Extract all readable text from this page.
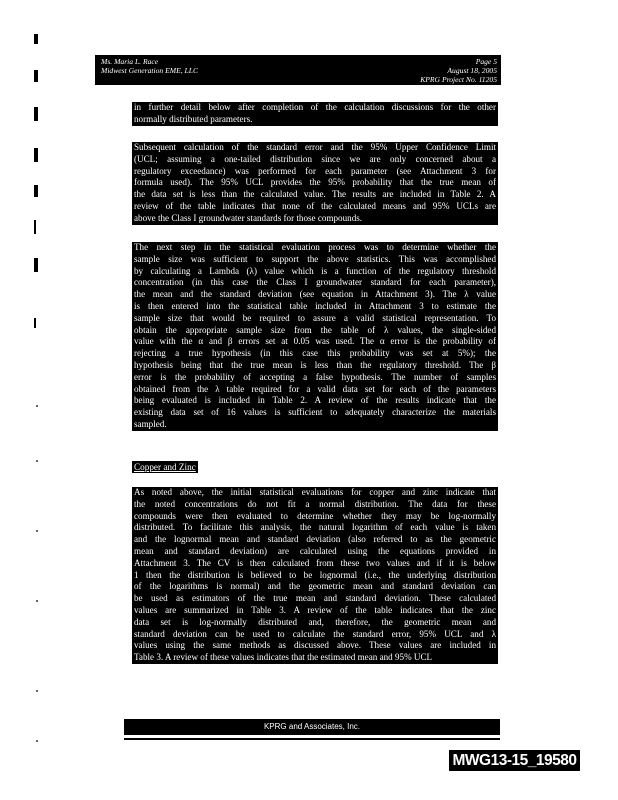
Ms. Maria L. Race
Midwest Generation EME, LLC
Page 5
August 18, 2005
KPRG Project No. 11205
in further detail below after completion of the calculation discussions for the other
normally distributed parameters.
Subsequent calculation of the standard error and the 95% Upper Confidence Limit
(UCL; assuming a one-tailed distribution since we are only concerned about a
regulatory exceedance) was performed for each parameter (see Attachment 3 for
formula used). The 95% UCL provides the 95% probability that the true mean of
the data set is less than the calculated value. The results are included in Table 2. A
review of the table indicates that none of the calculated means and 95% UCLs are
above the Class I groundwater standards for those compounds.
The next step in the statistical evaluation process was to determine whether the
sample size was sufficient to support the above statistics. This was accomplished
by calculating a Lambda (λ) value which is a function of the regulatory threshold
concentration (in this case the Class I groundwater standard for each parameter),
the mean and the standard deviation (see equation in Attachment 3). The λ value
is then entered into the statistical table included in Attachment 3 to estimate the
sample size that would be required to assure a valid statistical representation. To
obtain the appropriate sample size from the table of λ values, the single-sided
value with the α and β errors set at 0.05 was used. The α error is the probability of
rejecting a true hypothesis (in this case this probability was set at 5%); the
hypothesis being that the true mean is less than the regulatory threshold. The β
error is the probability of accepting a false hypothesis. The number of samples
obtained from the λ table required for a valid data set for each of the parameters
being evaluated is included in Table 2. A review of the results indicate that the
existing data set of 16 values is sufficient to adequately characterize the materials
sampled.
Copper and Zinc
As noted above, the initial statistical evaluations for copper and zinc indicate that
the noted concentrations do not fit a normal distribution. The data for these
compounds were then evaluated to determine whether they may be log-normally
distributed. To facilitate this analysis, the natural logarithm of each value is taken
and the lognormal mean and standard deviation (also referred to as the geometric
mean and standard deviation) are calculated using the equations provided in
Attachment 3. The CV is then calculated from these two values and if it is below
1 then the distribution is believed to be lognormal (i.e., the underlying distribution
of the logarithms is normal) and the geometric mean and standard deviation can
be used as estimators of the true mean and standard deviation. These calculated
values are summarized in Table 3. A review of the table indicates that the zinc
data set is log-normally distributed and, therefore, the geometric mean and
standard deviation can be used to calculate the standard error, 95% UCL and λ
values using the same methods as discussed above. These values are included in
Table 3. A review of these values indicates that the estimated mean and 95% UCL
KPRG and Associates, Inc.
MWG13-15_19580
